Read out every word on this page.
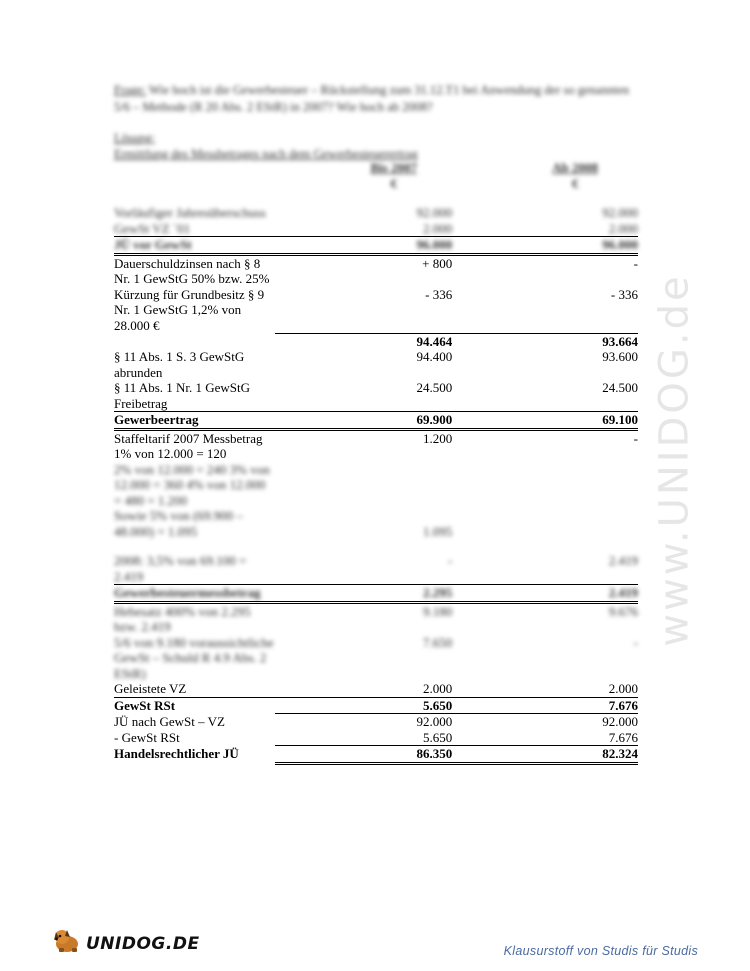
Frage: Wie hoch ist die Gewerbesteuer – Rückstellung zum 31.12.T1 bei Anwendung der so genannten 5/6 – Methode (R 20 Abs. 2 EStR) in 2007? Wie hoch ab 2008?
Lösung:
Ermittlung des Messbetrages nach dem Gewerbesteuerertrag
	Bis 2007	Ab 2008
	€	€

Vorläufiger Jahresüberschuss	92.000	92.000
GewSt VZ `01	2.000	2.000
JÜ vor GewSt	96.000	96.000
Dauerschuldzinsen nach § 8 Nr. 1 GewStG 50% bzw. 25%	+ 800	-
Kürzung für Grundbesitz § 9 Nr. 1 GewStG 1,2% von 28.000 €	- 336	- 336
	94.464	93.664
§ 11 Abs. 1 S. 3 GewStG abrunden	94.400	93.600
§ 11 Abs. 1 Nr. 1 GewStG Freibetrag	24.500	24.500
Gewerbeertrag	69.900	69.100
Staffeltarif 2007 Messbetrag 1% von 12.000 = 120	1.200	-
2% von 12.000 = 240 3% von 12.000 = 360 4% von 12.000 = 480 = 1.200		
Sowie 5% von (69.900 – 48.000) = 1.095	1.095	

2008: 3,5% von 69.100 = 2.419	-	2.419
Gewerbesteuermessbetrag	2.295	2.419
Hebesatz 400% von 2.295 bzw. 2.419	9.180	9.676
5/6 von 9.180 voraussichtliche GewSt – Schuld R 4.9 Abs. 2 EStR)	7.650	-
Geleistete VZ	2.000	2.000
GewSt RSt	5.650	7.676
JÜ nach GewSt – VZ	92.000	92.000
- GewSt RSt	5.650	7.676
Handelsrechtlicher JÜ	86.350	82.324
www.UNIDOG.de
UNIDOG.DE	Klausurstoff von Studis für Studis
